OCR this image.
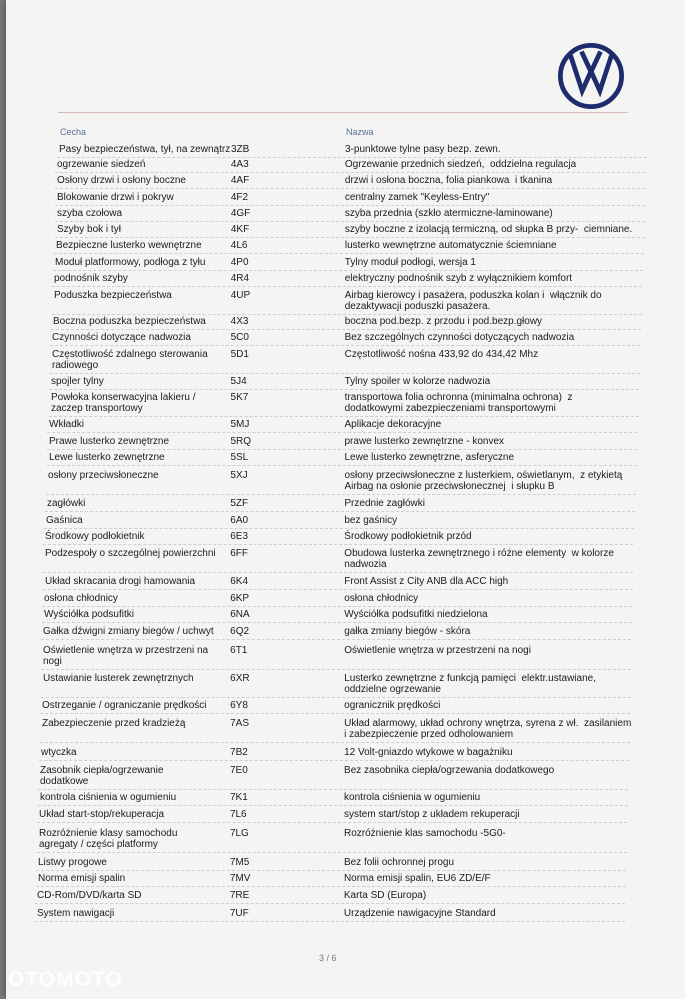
Cecha	Nazwa
Pasy bezpieczeństwa, tył, na zewnątrz 3ZB	3-punktowe tylne pasy bezp. zewn.
ogrzewanie siedzeń	4A3	Ogrzewanie przednich siedzeń,  oddzielna regulacja
Osłony drzwi i osłony boczne	4AF	drzwi i osłona boczna, folia piankowa  i tkanina
Blokowanie drzwi i pokryw	4F2	centralny zamek "Keyless-Entry"
szyba czołowa	4GF	szyba przednia (szkło atermiczne-laminowane)
Szyby bok i tył	4KF	szyby boczne z izolacją termiczną, od słupka B przy-  ciemniane.
Bezpieczne lusterko wewnętrzne	4L6	lusterko wewnętrzne automatycznie ściemniane
Moduł platformowy, podłoga z tyłu	4P0	Tylny moduł podłogi, wersja 1
podnośnik szyby	4R4	elektryczny podnośnik szyb z wyłącznikiem komfort
Poduszka bezpieczeństwa	4UP	Airbag kierowcy i pasażera, poduszka kolan i  włącznik do
dezaktywacji poduszki pasażera.
Boczna poduszka bezpieczeństwa 4X3	boczna pod.bezp. z przodu i pod.bezp.głowy
Czynności dotyczące nadwozia	5C0	Bez szczególnych czynności dotyczących nadwozia
Częstotliwość zdalnego sterowania
radiowego
5D1	Częstotliwość nośna 433,92 do 434,42 Mhz
spojler tylny	5J4	Tylny spoiler w kolorze nadwozia
Powłoka konserwacyjna lakieru /
zaczep transportowy
5K7	transportowa folia ochronna (minimalna ochrona)  z
dodatkowymi zabezpieczeniami transportowymi
Wkładki	5MJ	Aplikacje dekoracyjne
Prawe lusterko zewnętrzne	5RQ	prawe lusterko zewnętrzne - konvex
Lewe lusterko zewnętrzne	5SL	Lewe lusterko zewnętrzne, asferyczne
osłony przeciwsłoneczne	5XJ	osłony przeciwsłoneczne z lusterkiem, oświetlanym,  z etykietą
Airbag na osłonie przeciwsłonecznej  i słupku B
zagłówki	5ZF	Przednie zagłówki
Gaśnica	6A0	bez gaśnicy
Środkowy podłokietnik	6E3	Środkowy podłokietnik przód
Podzespoły o szczególnej powierzchni 6FF	Obudowa lusterka zewnętrznego i różne elementy  w kolorze
nadwozia
Układ skracania drogi hamowania	6K4	Front Assist z City ANB dla ACC high
osłona chłodnicy	6KP	osłona chłodnicy
Wyściółka podsufitki	6NA	Wyściółka podsufitki niedzielona
Gałka dźwigni zmiany biegów / uchwyt 6Q2	gałka zmiany biegów - skóra
Oświetlenie wnętrza w przestrzeni na
nogi
6T1	Oświetlenie wnętrza w przestrzeni na nogi
Ustawianie lusterek zewnętrznych	6XR	Lusterko zewnętrzne z funkcją pamięci  elektr.ustawiane,
oddzielne ogrzewanie
Ostrzeganie / ograniczanie prędkości 6Y8	ogranicznik prędkości
Zabezpieczenie przed kradzieżą	7AS	Układ alarmowy, układ ochrony wnętrza, syrena z wł.  zasilaniem
i zabezpieczenie przed odholowaniem
wtyczka	7B2	12 Volt-gniazdo wtykowe w bagażniku
Zasobnik ciepła/ogrzewanie
dodatkowe
7E0	Bez zasobnika ciepła/ogrzewania dodatkowego
kontrola ciśnienia w ogumieniu	7K1	kontrola ciśnienia w ogumieniu
Układ start-stop/rekuperacja	7L6	system start/stop z układem rekuperacji
Rozróżnienie klasy samochodu
agregaty / części platformy
7LG	Rozróżnienie klas samochodu -5G0-
Listwy progowe	7M5	Bez folii ochronnej progu
Norma emisji spalin	7MV	Norma emisji spalin, EU6 ZD/E/F
CD-Rom/DVD/karta SD	7RE	Karta SD (Europa)
System nawigacji	7UF	Urządzenie nawigacyjne Standard
3 / 6
OTOMOTO
